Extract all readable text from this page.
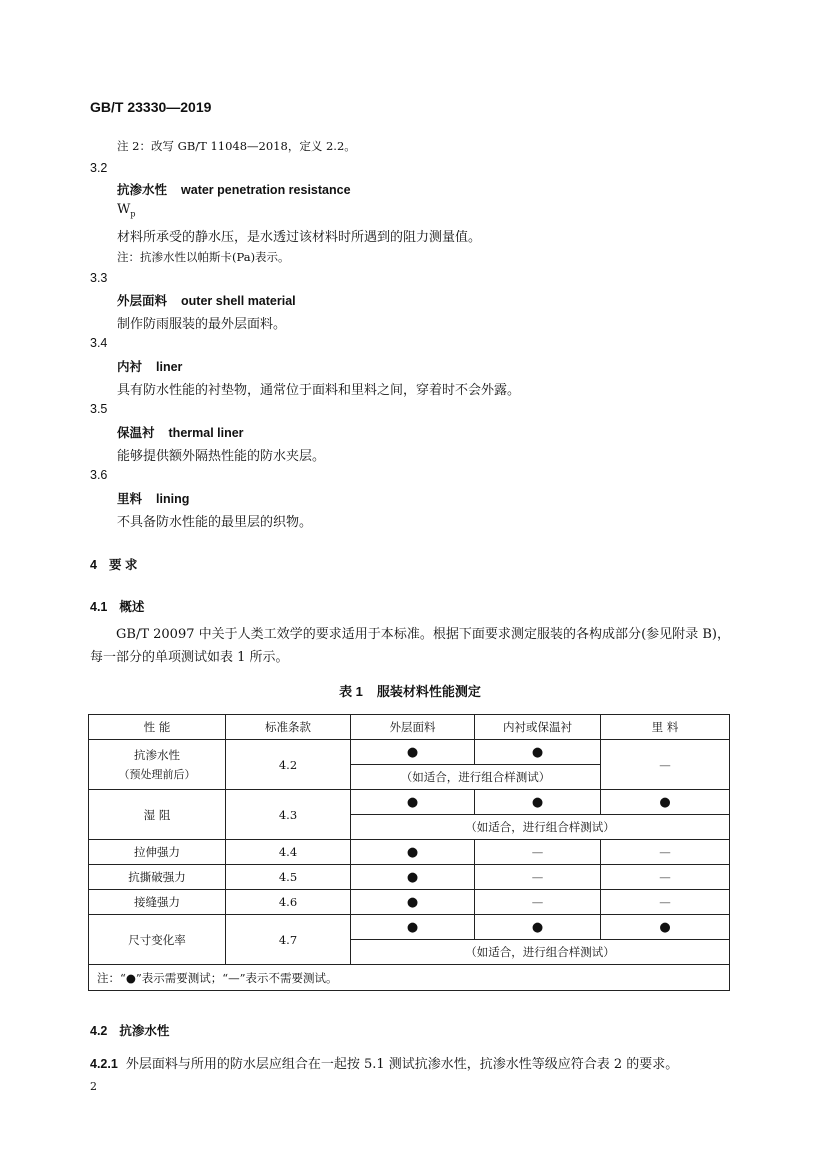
GB/T 23330—2019
注 2：改写 GB/T 11048—2018，定义 2.2。
3.2
抗渗水性 water penetration resistance
$W_p$
材料所承受的静水压，是水透过该材料时所遇到的阻力测量值。
注：抗渗水性以帕斯卡(Pa)表示。
3.3
外层面料 outer shell material
制作防雨服装的最外层面料。
3.4
内衬 liner
具有防水性能的衬垫物，通常位于面料和里料之间，穿着时不会外露。
3.5
保温衬 thermal liner
能够提供额外隔热性能的防水夹层。
3.6
里料 lining
不具备防水性能的最里层的织物。
4 要 求
4.1 概述
GB/T 20097 中关于人类工效学的要求适用于本标准。根据下面要求测定服装的各构成部分(参见附录 B)，每一部分的单项测试如表 1 所示。
表 1 服装材料性能测定
性 能	标准条款	外层面料	内衬或保温衬	里 料

抗渗水性
（预处理前后）	4.2	●	●	—
		（如适合，进行组合样测试）		
湿 阻	4.3	●	●	●
		（如适合，进行组合样测试）		
拉伸强力	4.4	●	—	—
抗撕破强力	4.5	●	—	—
接缝强力	4.6	●	—	—
尺寸变化率	4.7	●	●	●
		（如适合，进行组合样测试）		
注：“●”表示需要测试；“—”表示不需要测试。				
4.2 抗渗水性
4.2.1 外层面料与所用的防水层应组合在一起按 5.1 测试抗渗水性，抗渗水性等级应符合表 2 的要求。
2
